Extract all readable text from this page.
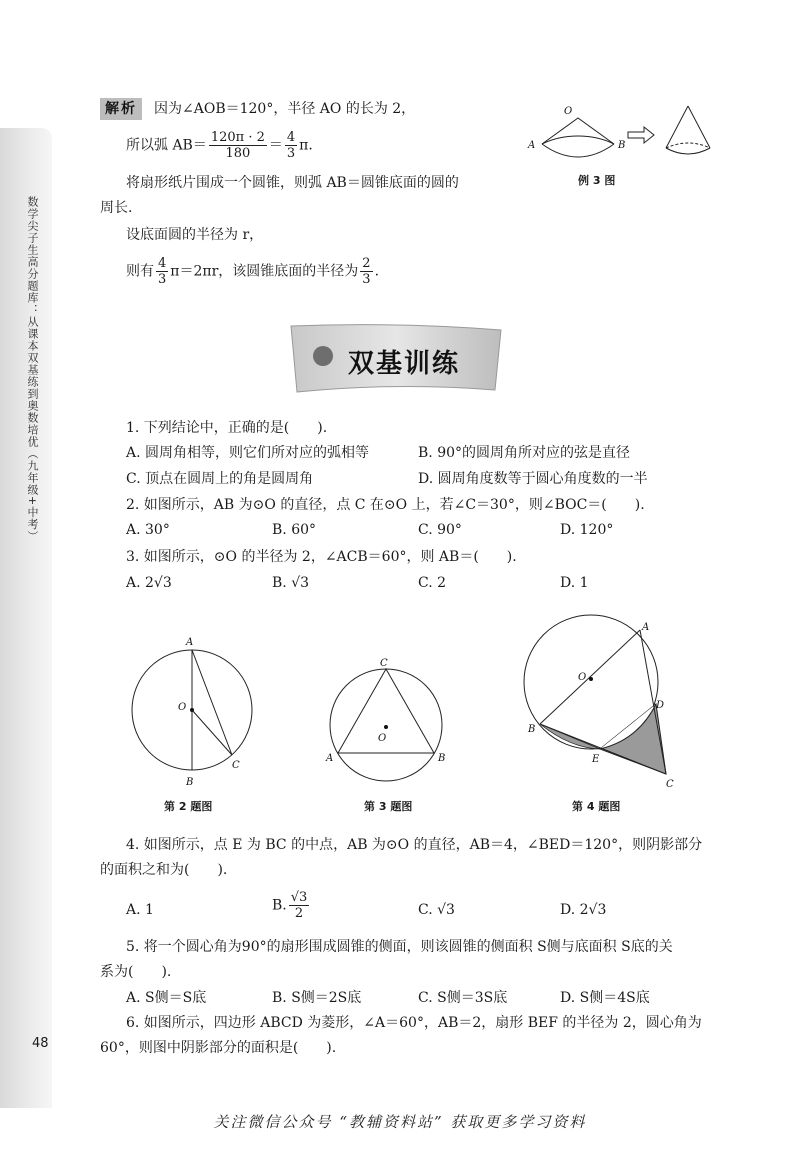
数学尖子生高分题库：从课本双基练到奥数培优（九年级+中考）
48
解析 因为∠AOB＝120°，半径 AO 的长为 2，
所以弧 $AB= \frac{120\pi \cdot 2}{180} = \frac{4}{3} \pi$.
将扇形纸片围成一个圆锥，则弧 AB＝圆锥底面的圆的
周长.
设底面圆的半径为 r，
则有 $\frac{4}{3} \pi=2\pi r$，该圆锥底面的半径为 $\frac{2}{3}$ .
O
A	B
例 3 图
双基训练
1. 下列结论中，正确的是(　　).
A. 圆周角相等，则它们所对应的弧相等	B. 90°的圆周角所对应的弦是直径
C. 顶点在圆周上的角是圆周角	D. 圆周角度数等于圆心角度数的一半
2. 如图所示，AB 为⊙O 的直径，点 C 在⊙O 上，若∠C＝30°，则∠BOC＝(　　).
A. 30°	B. 60°	C. 90°	D. 120°
3. 如图所示，⊙O 的半径为 2，∠ACB＝60°，则 AB＝(　　).
A. 2√3	B. √3	C. 2	D. 1
A
B
C
O
第 2 题图
C
A	B
O
第 3 题图
A
B
C
D
E
O
第 4 题图
4. 如图所示，点 E 为 BC 的中点，AB 为⊙O 的直径，AB＝4，∠BED＝120°，则阴影部分
的面积之和为(　　).
A. 1	B. $\frac{√3}{2}$	C. √3	D. 2√3
5. 将一个圆心角为90°的扇形围成圆锥的侧面，则该圆锥的侧面积 S侧与底面积 S底的关
系为(　　).
A. S侧＝S底	B. S侧＝2S底	C. S侧＝3S底	D. S侧＝4S底
6. 如图所示，四边形 ABCD 为菱形，∠A＝60°，AB＝2，扇形 BEF 的半径为 2，圆心角为
60°，则图中阴影部分的面积是(　　).
关注微信公众号 “教辅资料站” 获取更多学习资料
